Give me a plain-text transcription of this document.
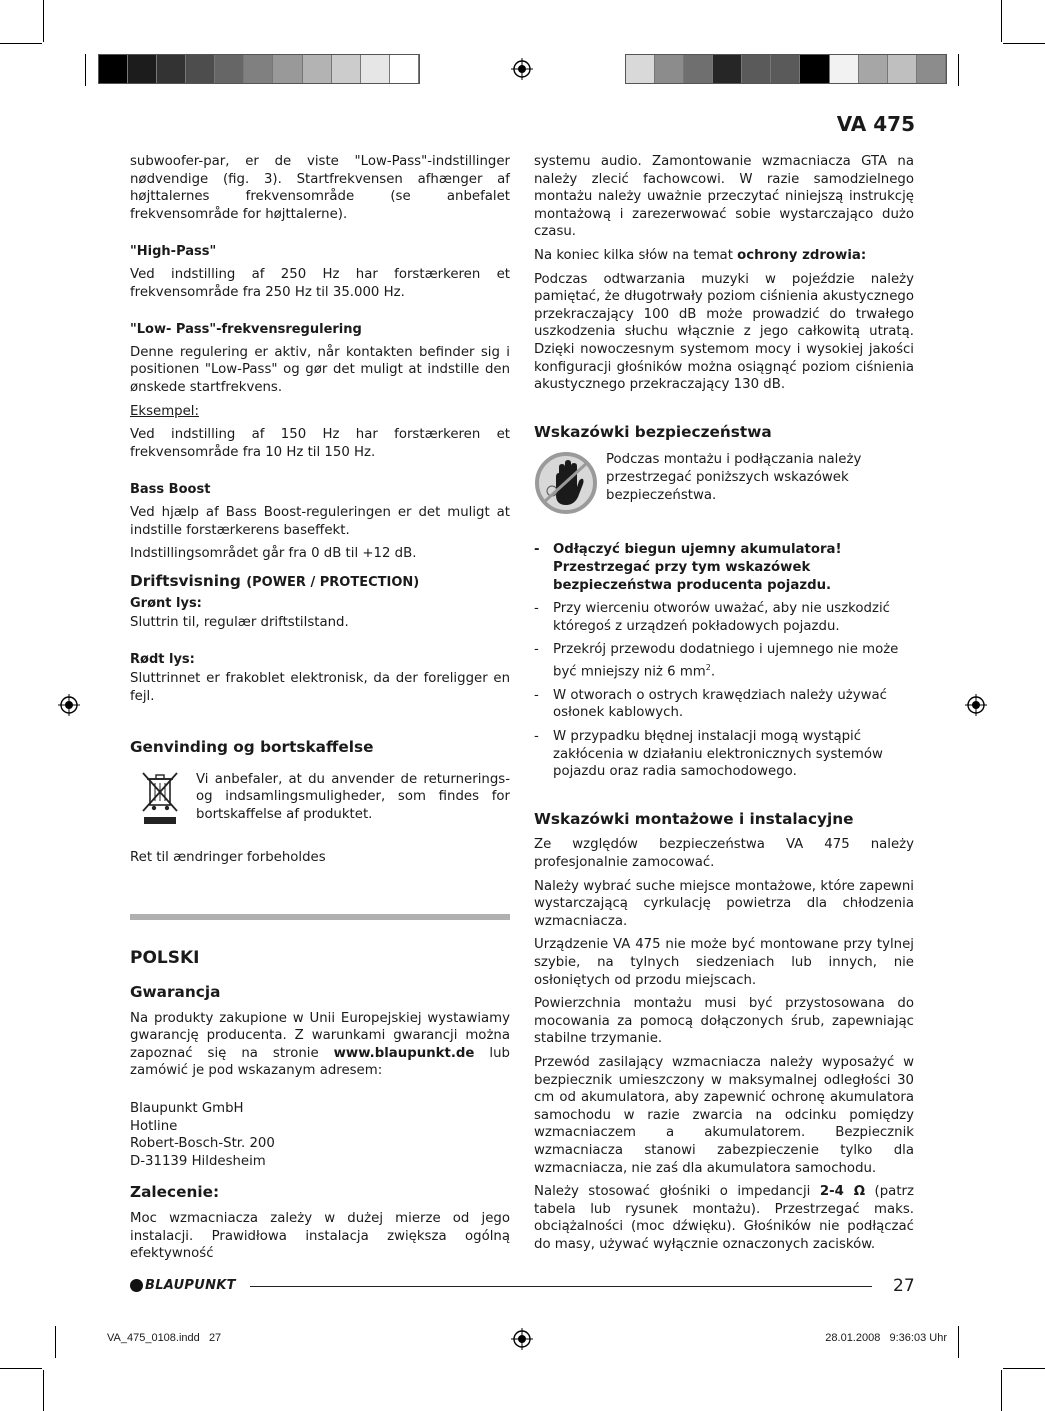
VA 475

subwoofer-par, er de viste "Low-Pass"-indstillinger nødvendige (fig. 3). Startfrekvensen afhænger af højttalernes frekvensområde (se anbefalet frekvensområde for højttalerne).

"High-Pass"

Ved indstilling af 250 Hz har forstærkeren et frekvensområde fra 250 Hz til 35.000 Hz.

"Low- Pass"-frekvensregulering

Denne regulering er aktiv, når kontakten befinder sig i positionen "Low-Pass" og gør det muligt at indstille den ønskede startfrekvens.

Eksempel:

Ved indstilling af 150 Hz har forstærkeren et frekvensområde fra 10 Hz til 150 Hz.

Bass Boost

Ved hjælp af Bass Boost-reguleringen er det muligt at indstille forstærkerens baseffekt.

Indstillingsområdet går fra 0 dB til +12 dB.

Driftsvisning (POWER / PROTECTION)
Grønt lys:

Sluttrin til, regulær driftstilstand.

Rødt lys:

Sluttrinnet er frakoblet elektronisk, da der foreligger en fejl.

Genvinding og bortskaffelse

Vi anbefaler, at du anvender de returnerings- og indsamlingsmuligheder, som findes for bortskaffelse af produktet.

Ret til ændringer forbeholdes

POLSKI
Gwarancja

Na produkty zakupione w Unii Europejskiej wystawiamy gwarancję producenta. Z warunkami gwarancji można zapoznać się na stronie www.blaupunkt.de lub zamówić je pod wskazanym adresem:

Blaupunkt GmbH
Hotline
Robert-Bosch-Str. 200
D-31139 Hildesheim
Zalecenie:

Moc wzmacniacza zależy w dużej mierze od jego instalacji. Prawidłowa instalacja zwiększa ogólną efektywność

systemu audio. Zamontowanie wzmacniacza GTA na należy zlecić fachowcowi. W razie samodzielnego montażu należy uważnie przeczytać niniejszą instrukcję montażową i zarezerwować sobie wystarczająco dużo czasu.

Na koniec kilka słów na temat ochrony zdrowia:

Podczas odtwarzania muzyki w pojeździe należy pamiętać, że długotrwały poziom ciśnienia akustycznego przekraczający 100 dB może prowadzić do trwałego uszkodzenia słuchu włącznie z jego całkowitą utratą. Dzięki nowoczesnym systemom mocy i wysokiej jakości konfiguracji głośników można osiągnąć poziom ciśnienia akustycznego przekraczający 130 dB.

Wskazówki bezpieczeństwa

Podczas montażu i podłączania należy przestrzegać poniższych wskazówek bezpieczeństwa.

- Odłączyć biegun ujemny akumulatora! Przestrzegać przy tym wskazówek bezpieczeństwa producenta pojazdu.
- Przy wierceniu otworów uważać, aby nie uszkodzić któregoś z urządzeń pokładowych pojazdu.
- Przekrój przewodu dodatniego i ujemnego nie może być mniejszy niż 6 $mm^2$.
- W otworach o ostrych krawędziach należy używać osłonek kablowych.
- W przypadku błędnej instalacji mogą wystąpić zakłócenia w działaniu elektronicznych systemów pojazdu oraz radia samochodowego.
Wskazówki montażowe i instalacyjne

Ze względów bezpieczeństwa VA 475 należy profesjonalnie zamocować.

Należy wybrać suche miejsce montażowe, które zapewni wystarczającą cyrkulację powietrza dla chłodzenia wzmacniacza.

Urządzenie VA 475 nie może być montowane przy tylnej szybie, na tylnych siedzeniach lub innych, nie osłoniętych od przodu miejscach.

Powierzchnia montażu musi być przystosowana do mocowania za pomocą dołączonych śrub, zapewniając stabilne trzymanie.

Przewód zasilający wzmacniacza należy wyposażyć w bezpiecznik umieszczony w maksymalnej odległości 30 cm od akumulatora, aby zapewnić ochronę akumulatora samochodu w razie zwarcia na odcinku pomiędzy wzmacniaczem a akumulatorem. Bezpiecznik wzmacniacza stanowi zabezpieczenie tylko dla wzmacniacza, nie zaś dla akumulatora samochodu.

Należy stosować głośniki o impedancji 2-4 Ω (patrz tabela lub rysunek montażu). Przestrzegać maks. obciążalności (moc dźwięku). Głośników nie podłączać do masy, używać wyłącznie oznaczonych zacisków.

BLAUPUNKT	27
VA_475_0108.indd   27	28.01.2008   9:36:03 Uhr
